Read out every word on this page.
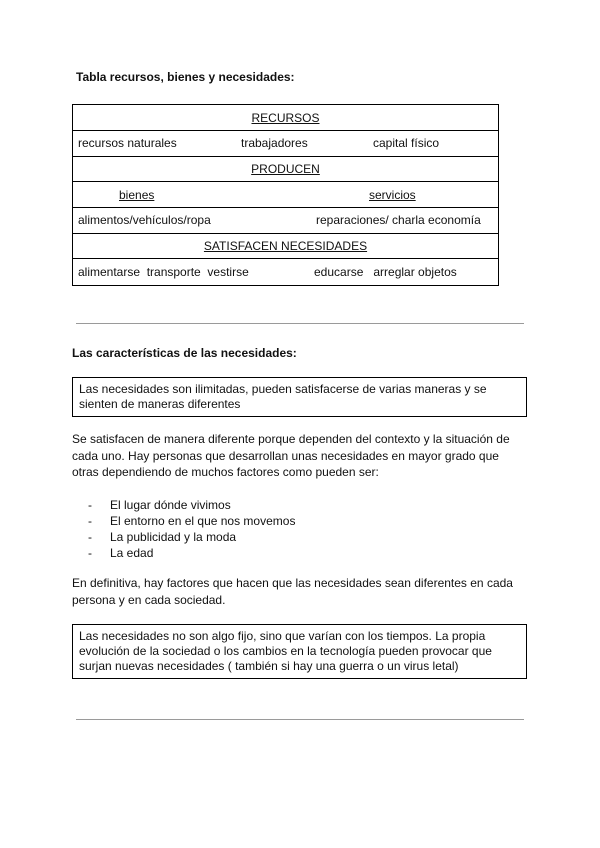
Tabla recursos, bienes y necesidades:
RECURSOS
recursos naturales	trabajadores	capital físico
PRODUCEN
bienes	servicios
alimentos/vehículos/ropa	reparaciones/ charla economía
SATISFACEN NECESIDADES
alimentarse  transporte  vestirse	educarse   arreglar objetos
Las características de las necesidades:
Las necesidades son ilimitadas, pueden satisfacerse de varias maneras y se sienten de maneras diferentes
Se satisfacen de manera diferente porque dependen del contexto y la situación de cada uno. Hay personas que desarrollan unas necesidades en mayor grado que otras dependiendo de muchos factores como pueden ser:
- El lugar dónde vivimos
- El entorno en el que nos movemos
- La publicidad y la moda
- La edad
En definitiva, hay factores que hacen que las necesidades sean diferentes en cada persona y en cada sociedad.
Las necesidades no son algo fijo, sino que varían con los tiempos. La propia evolución de la sociedad o los cambios en la tecnología pueden provocar que surjan nuevas necesidades ( también si hay una guerra o un virus letal)
